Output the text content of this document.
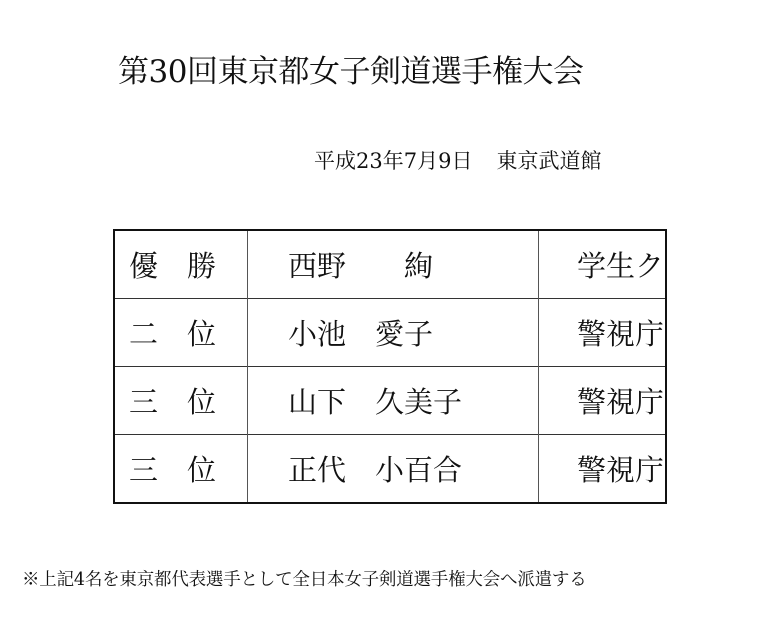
第30回東京都女子剣道選手権大会
平成23年7月9日 東京武道館
優　勝	西野　　絢	学生ク
二　位	小池　愛子	警視庁
三　位	山下　久美子	警視庁
三　位	正代　小百合	警視庁
※上記4名を東京都代表選手として全日本女子剣道選手権大会へ派遣する
